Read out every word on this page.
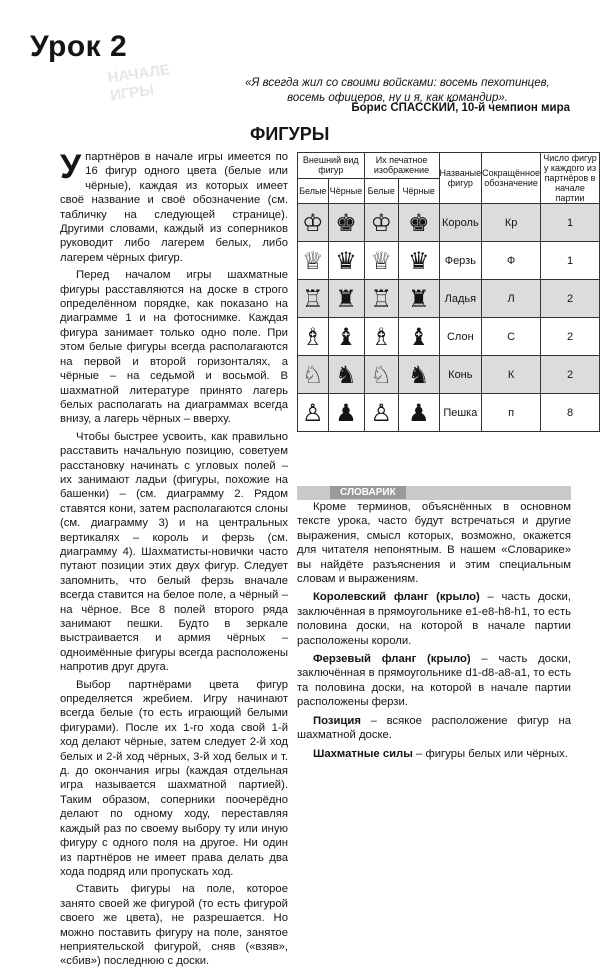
Урок 2
НАЧАЛЕ ИГРЫ	«Я всегда жил со своими войсками: восемь пехотинцев, восемь офицеров, ну и я, как командир».
Борис СПАССКИЙ, 10-й чемпион мира
ФИГУРЫ

Упартнёров в начале игры имеется по 16 фигур одного цвета (белые или чёрные), каждая из которых имеет своё название и своё обозначение (см. табличку на следующей странице). Другими словами, каждый из соперников руководит либо лагерем белых, либо лагерем чёрных фигур.

Перед началом игры шахматные фигуры расставляются на доске в строго определённом порядке, как показано на диаграмме 1 и на фотоснимке. Каждая фигура занимает только одно поле. При этом белые фигуры всегда располагаются на первой и второй горизонталях, а чёрные – на седьмой и восьмой. В шахматной литературе принято лагерь белых располагать на диаграммах всегда внизу, а лагерь чёрных – вверху.

Чтобы быстрее усвоить, как правильно расставить начальную позицию, советуем расстановку начинать с угловых полей – их занимают ладьи (фигуры, похожие на башенки) – (см. диаграмму 2. Рядом ставятся кони, затем располагаются слоны (см. диаграмму 3) и на центральных вертикалях – король и ферзь (см. диаграмму 4). Шахматисты-новички часто путают позиции этих двух фигур. Следует запомнить, что белый ферзь вначале всегда ставится на белое поле, а чёрный – на чёрное. Все 8 полей второго ряда занимают пешки. Будто в зеркале выстраивается и армия чёрных – одноимённые фигуры всегда расположены напротив друг друга.

Выбор партнёрами цвета фигур определяется жребием. Игру начинают всегда белые (то есть играющий белыми фигурами). После их 1-го хода свой 1-й ход делают чёрные, затем следует 2-й ход белых и 2-й ход чёрных, 3-й ход белых и т. д. до окончания игры (каждая отдельная игра называется шахматной партией). Таким образом, соперники поочерёдно делают по одному ходу, переставляя каждый раз по своему выбору ту или иную фигуру с одного поля на другое. Ни один из партнёров не имеет права делать два хода подряд или пропускать ход.

Ставить фигуры на поле, которое занято своей же фигурой (то есть фигурой своего же цвета), не разрешается. Но можно поставить фигуру на поле, занятое неприятельской фигурой, сняв («взяв», «сбив») последнюю с доски.

Внешний вид фигур		Их печатное изображение		Названые фигур	Сокращённое обозначение	Число фигур у каждого из партнёров в начале партии
Белые	Чёрные	Белые	Чёрные			
♔	♚	♔	♚	Король	Кр	1
♕	♛	♕	♛	Ферзь	Ф	1
♖	♜	♖	♜	Ладья	Л	2
♗	♝	♗	♝	Слон	С	2
♘	♞	♘	♞	Конь	К	2
♙	♟	♙	♟	Пешка	п	8
СЛОВАРИК

Кроме терминов, объяснённых в основном тексте урока, часто будут встречаться и другие выражения, смысл которых, возможно, окажется для читателя непонятным. В нашем «Словарике» вы найдёте разъяснения и этим специальным словам и выражениям.

Королевский фланг (крыло) – часть доски, заключённая в прямоугольнике e1-e8-h8-h1, то есть половина доски, на которой в начале партии расположены короли.

Ферзевый фланг (крыло) – часть доски, заключённая в прямоугольнике d1-d8-a8-a1, то есть та половина доски, на которой в начале партии расположены ферзи.

Позиция – всякое расположение фигур на шахматной доске.

Шахматные силы – фигуры белых или чёрных.
